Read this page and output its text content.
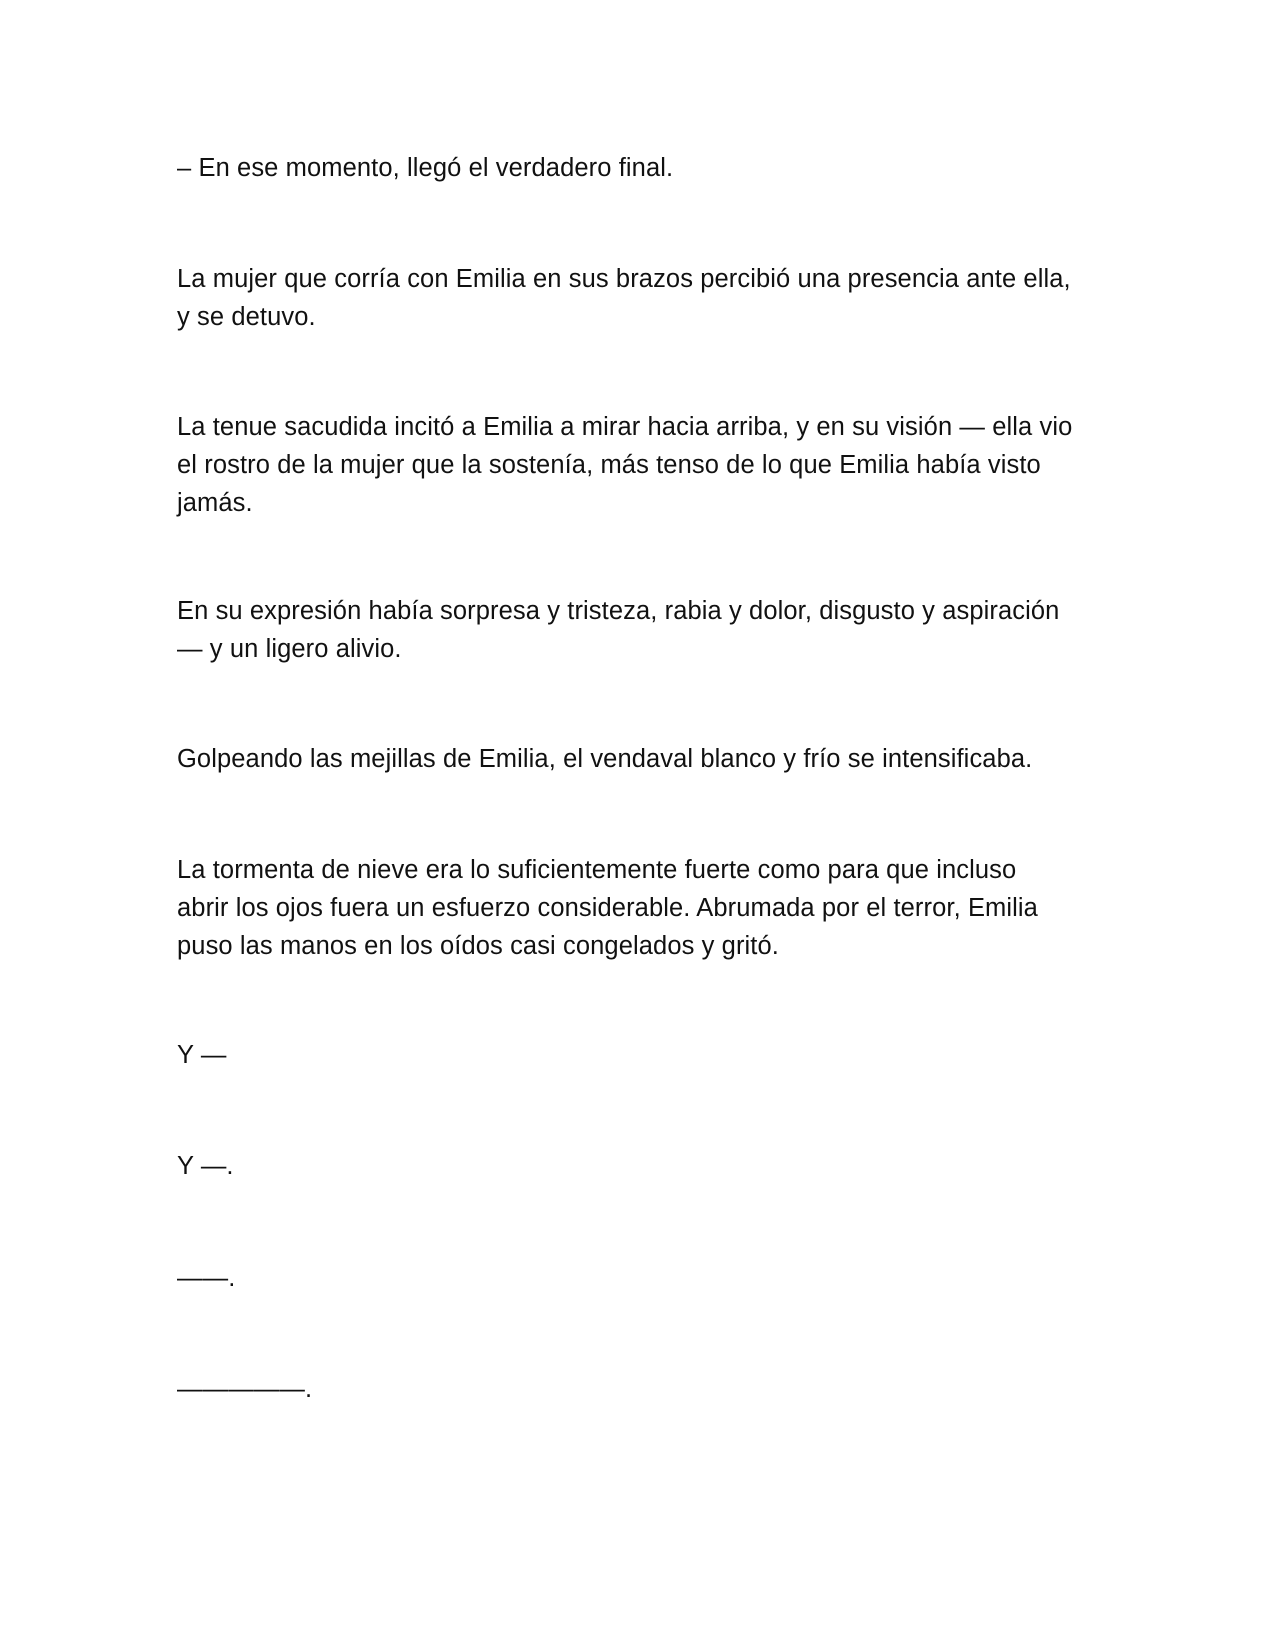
– En ese momento, llegó el verdadero final.

La mujer que corría con Emilia en sus brazos percibió una presencia ante ella,
y se detuvo.

La tenue sacudida incitó a Emilia a mirar hacia arriba, y en su visión — ella vio
el rostro de la mujer que la sostenía, más tenso de lo que Emilia había visto
jamás.

En su expresión había sorpresa y tristeza, rabia y dolor, disgusto y aspiración
— y un ligero alivio.

Golpeando las mejillas de Emilia, el vendaval blanco y frío se intensificaba.

La tormenta de nieve era lo suficientemente fuerte como para que incluso
abrir los ojos fuera un esfuerzo considerable. Abrumada por el terror, Emilia
puso las manos en los oídos casi congelados y gritó.

Y —

Y —.

——.

—————.
